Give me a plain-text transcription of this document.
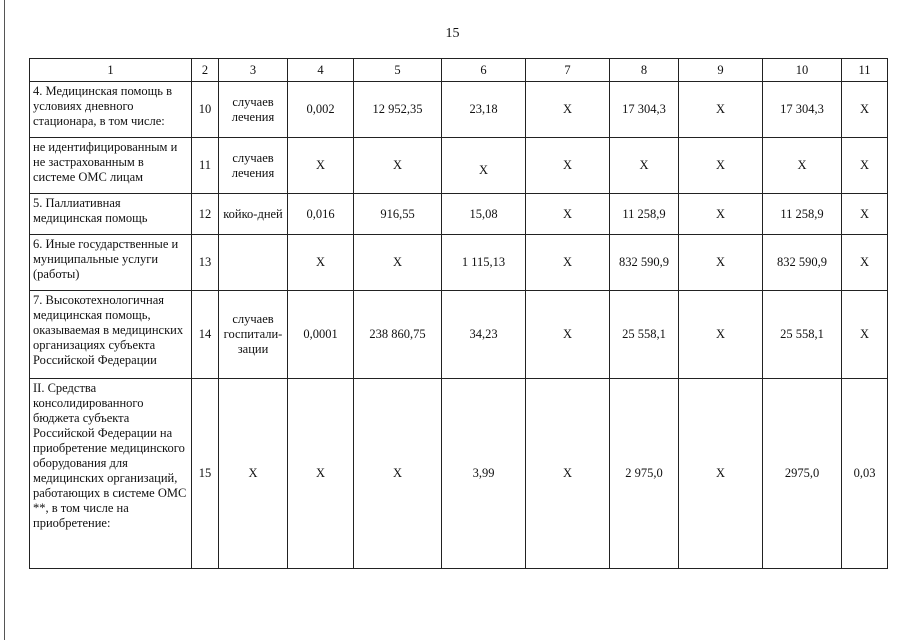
15
1	2	3	4	5	6	7	8	9	10	11
4. Медицинская помощь в условиях дневного стационара, в том числе:	10	случаев лечения	0,002	12 952,35	23,18	Х	17 304,3	Х	17 304,3	Х
не идентифицированным и не застрахованным в системе ОМС лицам	11	случаев лечения	Х	Х	Х	Х	Х	Х	Х	Х
5. Паллиативная медицинская помощь	12	койко-дней	0,016	916,55	15,08	Х	11 258,9	Х	11 258,9	Х
6. Иные государственные и муниципальные услуги (работы)	13		Х	Х	1 115,13	Х	832 590,9	Х	832 590,9	Х
7. Высокотехнологичная медицинская помощь, оказываемая в медицинских организациях субъекта Российской Федерации	14	случаев госпитали-зации	0,0001	238 860,75	34,23	Х	25 558,1	Х	25 558,1	Х
II. Средства консолидированного бюджета субъекта Российской Федерации на приобретение медицинского оборудования для медицинских организаций, работающих в системе ОМС **, в том числе на приобретение:	15	Х	Х	Х	3,99	Х	2 975,0	Х	2975,0	0,03
